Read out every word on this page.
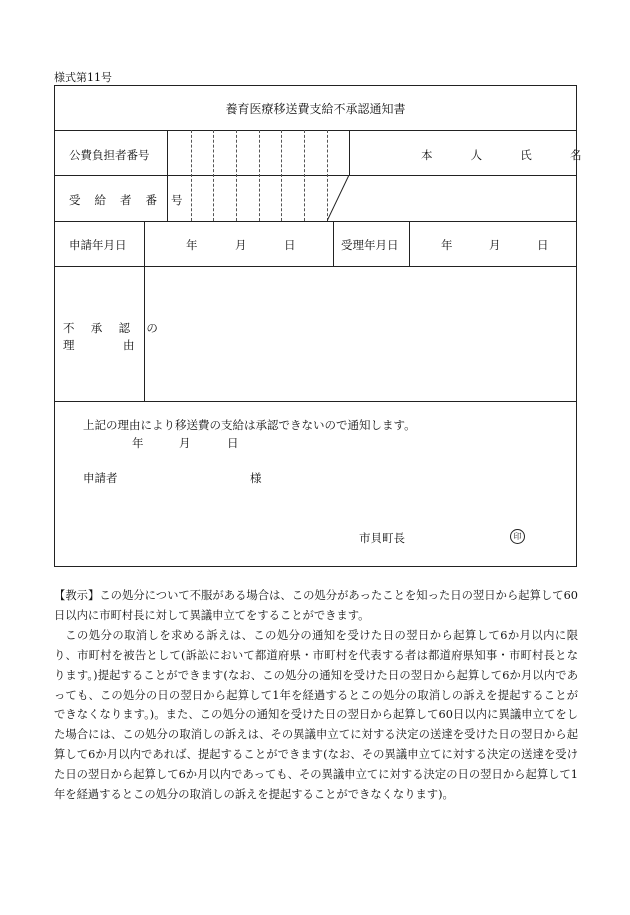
様式第11号
養育医療移送費支給不承認通知書
公費負担者番号	本 人 氏 名
受 給 者 番 号
申請年月日	年	月	日	受理年月日	年	月	日
不 承 認 の
理	由
上記の理由により移送費の支給は承認できないので通知します。
年	月	日
申請者	様
市貝町長	印

【教示】この処分について不服がある場合は、この処分があったことを知った日の翌日から起算して60日以内に市町村長に対して異議申立てをすることができます。

この処分の取消しを求める訴えは、この処分の通知を受けた日の翌日から起算して6か月以内に限り、市町村を被告として(訴訟において都道府県・市町村を代表する者は都道府県知事・市町村長となります。)提起することができます(なお、この処分の通知を受けた日の翌日から起算して6か月以内であっても、この処分の日の翌日から起算して1年を経過するとこの処分の取消しの訴えを提起することができなくなります。)。また、この処分の通知を受けた日の翌日から起算して60日以内に異議申立てをした場合には、この処分の取消しの訴えは、その異議申立てに対する決定の送達を受けた日の翌日から起算して6か月以内であれば、提起することができます(なお、その異議申立てに対する決定の送達を受けた日の翌日から起算して6か月以内であっても、その異議申立てに対する決定の日の翌日から起算して1年を経過するとこの処分の取消しの訴えを提起することができなくなります)。
